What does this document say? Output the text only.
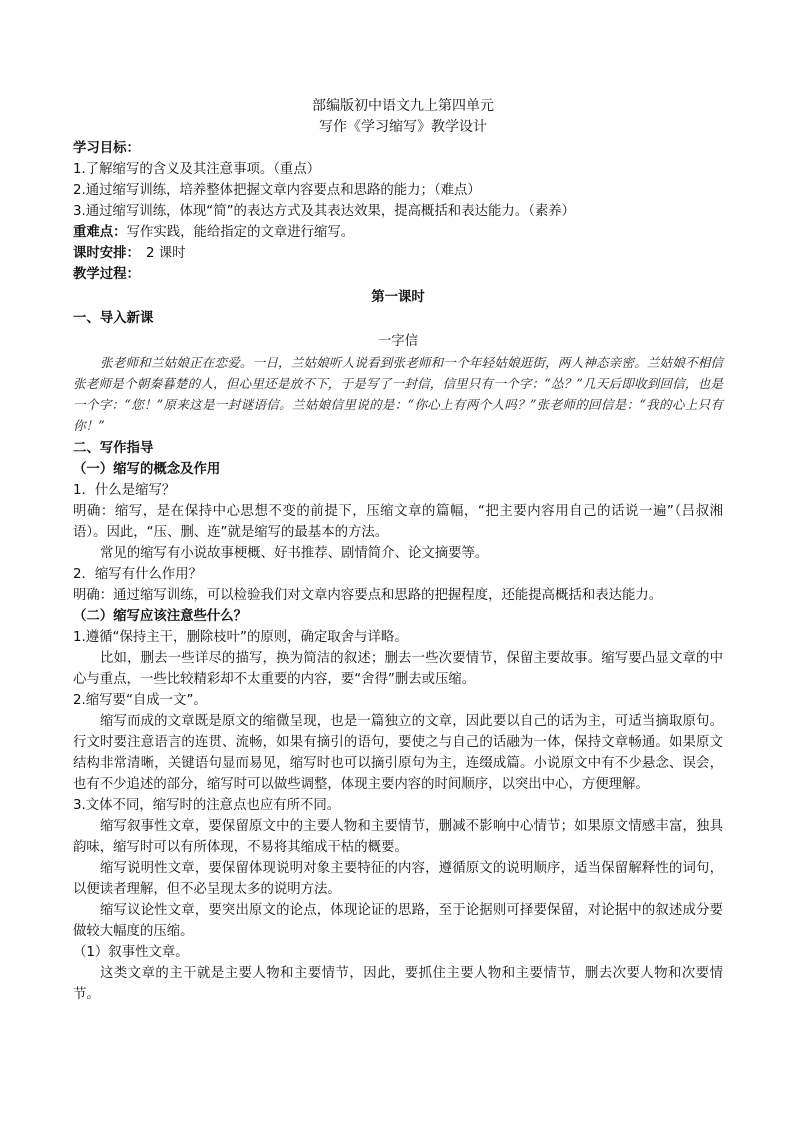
部编版初中语文九上第四单元
写作《学习缩写》教学设计
学习目标：
1.了解缩写的含义及其注意事项。（重点）
2.通过缩写训练，培养整体把握文章内容要点和思路的能力；（难点）
3.通过缩写训练，体现“简”的表达方式及其表达效果，提高概括和表达能力。（素养）
重难点：写作实践，能给指定的文章进行缩写。
课时安排： 2 课时
教学过程：
第一课时
一、导入新课
一字信
张老师和兰姑娘正在恋爱。一日，兰姑娘听人说看到张老师和一个年轻姑娘逛街，两人神态亲密。兰姑娘不相信张老师是个朝秦暮楚的人，但心里还是放不下，于是写了一封信，信里只有一个字：“怂？”几天后即收到回信，也是一个字：“您！”原来这是一封谜语信。兰姑娘信里说的是：“你心上有两个人吗？”张老师的回信是：“我的心上只有你！”
二、写作指导
（一）缩写的概念及作用
1．什么是缩写？
明确：缩写，是在保持中心思想不变的前提下，压缩文章的篇幅，“把主要内容用自己的话说一遍”（吕叔湘语）。因此，“压、删、连”就是缩写的最基本的方法。
常见的缩写有小说故事梗概、好书推荐、剧情简介、论文摘要等。
2．缩写有什么作用？
明确：通过缩写训练，可以检验我们对文章内容要点和思路的把握程度，还能提高概括和表达能力。
（二）缩写应该注意些什么？
1.遵循“保持主干，删除枝叶”的原则，确定取舍与详略。
比如，删去一些详尽的描写，换为简洁的叙述；删去一些次要情节，保留主要故事。缩写要凸显文章的中心与重点，一些比较精彩却不太重要的内容，要“舍得”删去或压缩。
2.缩写要“自成一文”。
缩写而成的文章既是原文的缩微呈现，也是一篇独立的文章，因此要以自己的话为主，可适当摘取原句。行文时要注意语言的连贯、流畅，如果有摘引的语句，要使之与自己的话融为一体，保持文章畅通。如果原文结构非常清晰，关键语句显而易见，缩写时也可以摘引原句为主，连缀成篇。小说原文中有不少悬念、误会，也有不少追述的部分，缩写时可以做些调整，体现主要内容的时间顺序，以突出中心，方便理解。
3.文体不同，缩写时的注意点也应有所不同。
缩写叙事性文章，要保留原文中的主要人物和主要情节，删减不影响中心情节；如果原文情感丰富，独具韵味，缩写时可以有所体现，不易将其缩成干枯的概要。
缩写说明性文章，要保留体现说明对象主要特征的内容，遵循原文的说明顺序，适当保留解释性的词句，以便读者理解，但不必呈现太多的说明方法。
缩写议论性文章，要突出原文的论点，体现论证的思路，至于论据则可择要保留，对论据中的叙述成分要做较大幅度的压缩。
（1）叙事性文章。
这类文章的主干就是主要人物和主要情节，因此，要抓住主要人物和主要情节，删去次要人物和次要情节。
